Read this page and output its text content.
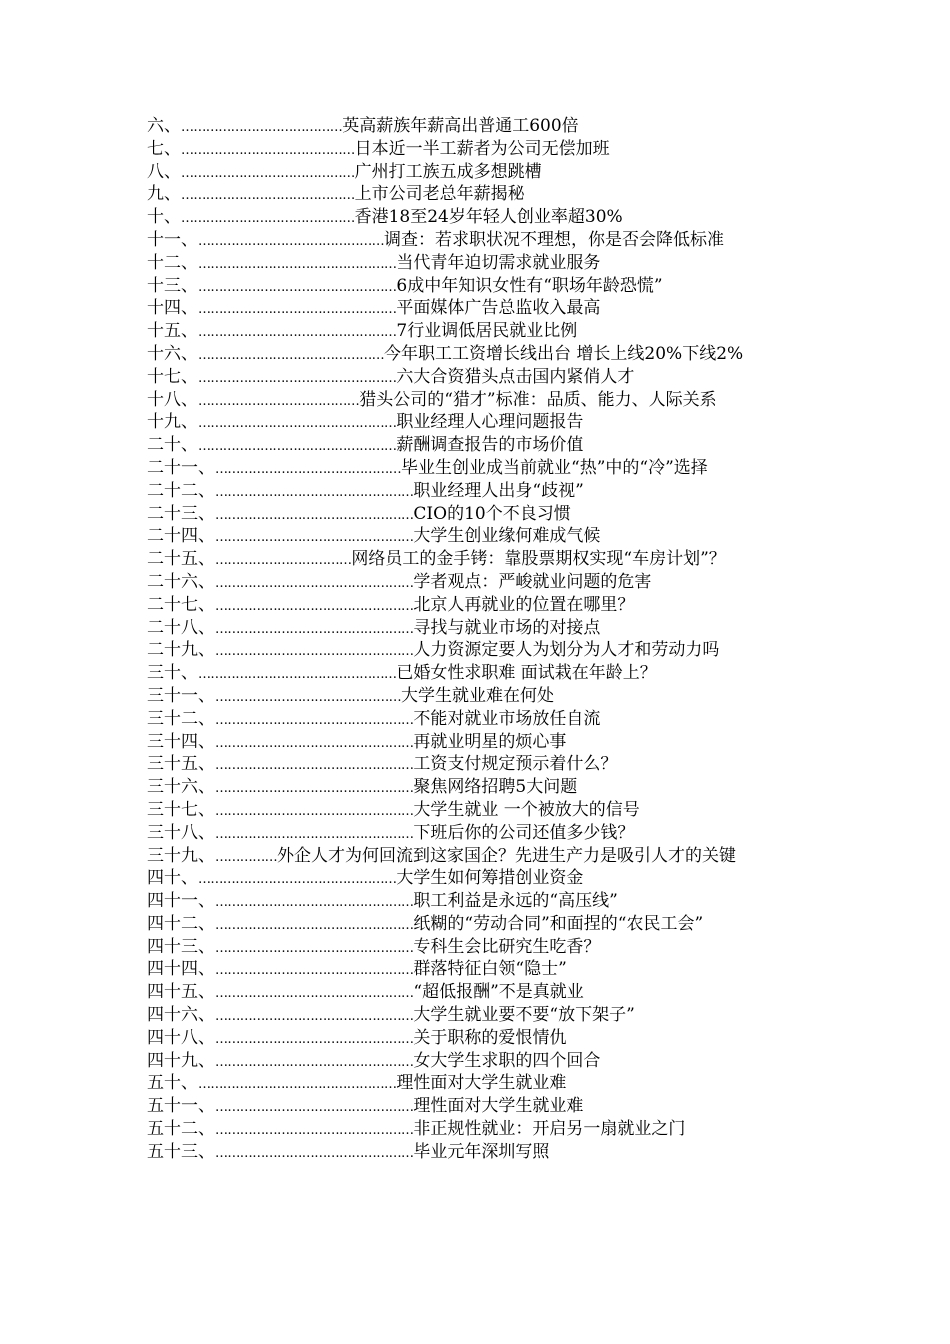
六、…………………………………英高薪族年薪高出普通工600倍
七、……………………………………日本近一半工薪者为公司无偿加班
八、……………………………………广州打工族五成多想跳槽
九、……………………………………上市公司老总年薪揭秘
十、……………………………………香港18至24岁年轻人创业率超30%
十一、………………………………………调查：若求职状况不理想，你是否会降低标准
十二、…………………………………………当代青年迫切需求就业服务
十三、…………………………………………6成中年知识女性有“职场年龄恐慌”
十四、…………………………………………平面媒体广告总监收入最高
十五、…………………………………………7行业调低居民就业比例
十六、………………………………………今年职工工资增长线出台 增长上线20%下线2%
十七、…………………………………………六大合资猎头点击国内紧俏人才
十八、…………………………………猎头公司的“猎才”标准：品质、能力、人际关系
十九、…………………………………………职业经理人心理问题报告
二十、…………………………………………薪酬调查报告的市场价值
二十一、………………………………………毕业生创业成当前就业“热”中的“冷”选择
二十二、…………………………………………职业经理人出身“歧视”
二十三、…………………………………………CIO的10个不良习惯
二十四、…………………………………………大学生创业缘何难成气候
二十五、……………………………网络员工的金手铐：靠股票期权实现“车房计划”？
二十六、…………………………………………学者观点：严峻就业问题的危害
二十七、…………………………………………北京人再就业的位置在哪里？
二十八、…………………………………………寻找与就业市场的对接点
二十九、…………………………………………人力资源定要人为划分为人才和劳动力吗
三十、…………………………………………已婚女性求职难 面试栽在年龄上？
三十一、………………………………………大学生就业难在何处
三十二、…………………………………………不能对就业市场放任自流
三十四、…………………………………………再就业明星的烦心事
三十五、…………………………………………工资支付规定预示着什么？
三十六、…………………………………………聚焦网络招聘5大问题
三十七、…………………………………………大学生就业 一个被放大的信号
三十八、…………………………………………下班后你的公司还值多少钱？
三十九、……………外企人才为何回流到这家国企？先进生产力是吸引人才的关键
四十、…………………………………………大学生如何筹措创业资金
四十一、…………………………………………职工利益是永远的“高压线”
四十二、…………………………………………纸糊的“劳动合同”和面捏的“农民工会”
四十三、…………………………………………专科生会比研究生吃香？
四十四、…………………………………………群落特征白领“隐士”
四十五、…………………………………………“超低报酬”不是真就业
四十六、…………………………………………大学生就业要不要“放下架子”
四十八、…………………………………………关于职称的爱恨情仇
四十九、…………………………………………女大学生求职的四个回合
五十、…………………………………………理性面对大学生就业难
五十一、…………………………………………理性面对大学生就业难
五十二、…………………………………………非正规性就业：开启另一扇就业之门
五十三、…………………………………………毕业元年深圳写照
